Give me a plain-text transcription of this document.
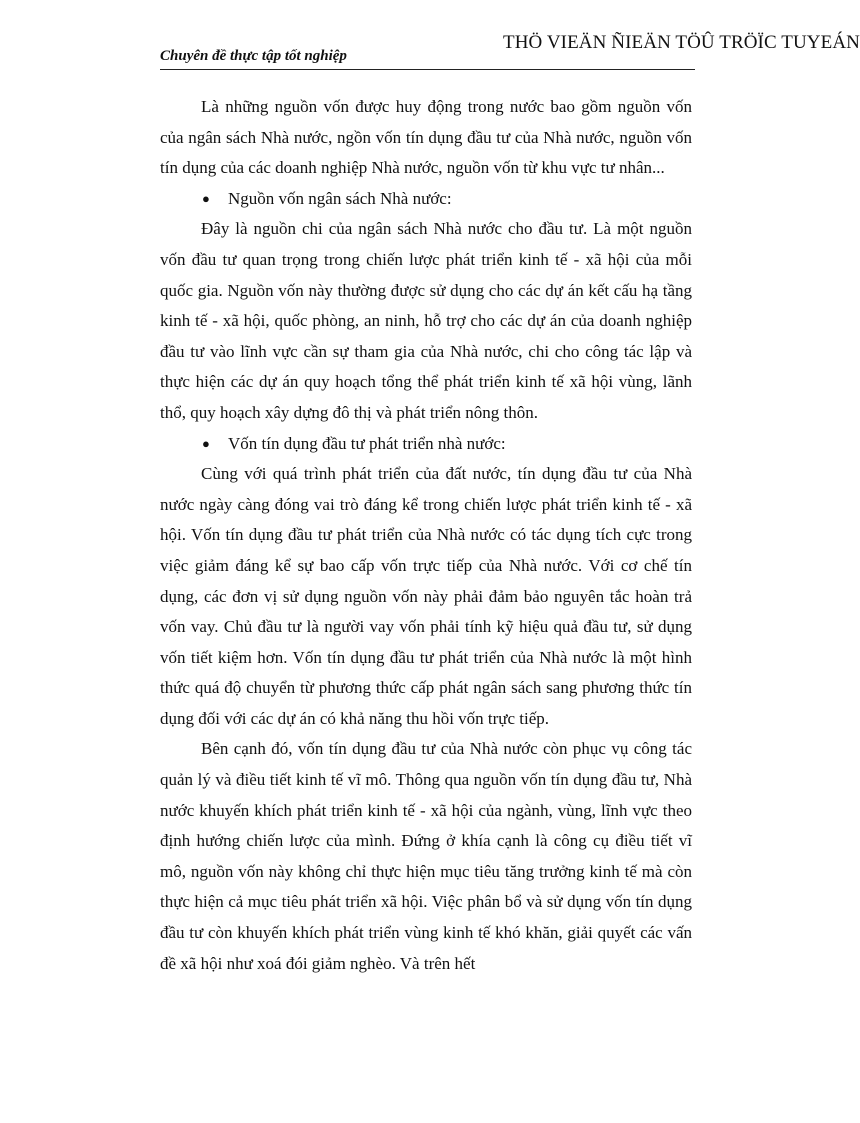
Chuyên đề thực tập tốt nghiệp
THÖ VIEÄN ÑIEÄN TÖÛ TRÖÏC TUYEÁN

Là những nguồn vốn được huy động trong nước bao gồm nguồn vốn của ngân sách Nhà nước, ngồn vốn tín dụng đầu tư của Nhà nước, nguồn vốn tín dụng của các doanh nghiệp Nhà nước, nguồn vốn từ khu vực tư nhân...

● Nguồn vốn ngân sách Nhà nước:

Đây là nguồn chi của ngân sách Nhà nước cho đầu tư. Là một nguồn vốn đầu tư quan trọng trong chiến lược phát triển kinh tế - xã hội của mỗi quốc gia. Nguồn vốn này thường được sử dụng cho các dự án kết cấu hạ tầng kinh tế - xã hội, quốc phòng, an ninh, hỗ trợ cho các dự án của doanh nghiệp đầu tư vào lĩnh vực cần sự tham gia của Nhà nước, chi cho công tác lập và thực hiện các dự án quy hoạch tổng thể phát triển kinh tế xã hội vùng, lãnh thổ, quy hoạch xây dựng đô thị và phát triển nông thôn.

● Vốn tín dụng đầu tư phát triển nhà nước:

Cùng với quá trình phát triển của đất nước, tín dụng đầu tư của Nhà nước ngày càng đóng vai trò đáng kể trong chiến lược phát triển kinh tế - xã hội. Vốn tín dụng đầu tư phát triển của Nhà nước có tác dụng tích cực trong việc giảm đáng kể sự bao cấp vốn trực tiếp của Nhà nước. Với cơ chế tín dụng, các đơn vị sử dụng nguồn vốn này phải đảm bảo nguyên tắc hoàn trả vốn vay. Chủ đầu tư là người vay vốn phải tính kỹ hiệu quả đầu tư, sử dụng vốn tiết kiệm hơn. Vốn tín dụng đầu tư phát triển của Nhà nước là một hình thức quá độ chuyển từ phương thức cấp phát ngân sách sang phương thức tín dụng đối với các dự án có khả năng thu hồi vốn trực tiếp.

Bên cạnh đó, vốn tín dụng đầu tư của Nhà nước còn phục vụ công tác quản lý và điều tiết kinh tế vĩ mô. Thông qua nguồn vốn tín dụng đầu tư, Nhà nước khuyến khích phát triển kinh tế - xã hội của ngành, vùng, lĩnh vực theo định hướng chiến lược của mình. Đứng ở khía cạnh là công cụ điều tiết vĩ mô, nguồn vốn này không chỉ thực hiện mục tiêu tăng trưởng kinh tế mà còn thực hiện cả mục tiêu phát triển xã hội. Việc phân bổ và sử dụng vốn tín dụng đầu tư còn khuyến khích phát triển vùng kinh tế khó khăn, giải quyết các vấn đề xã hội như xoá đói giảm nghèo. Và trên hết
